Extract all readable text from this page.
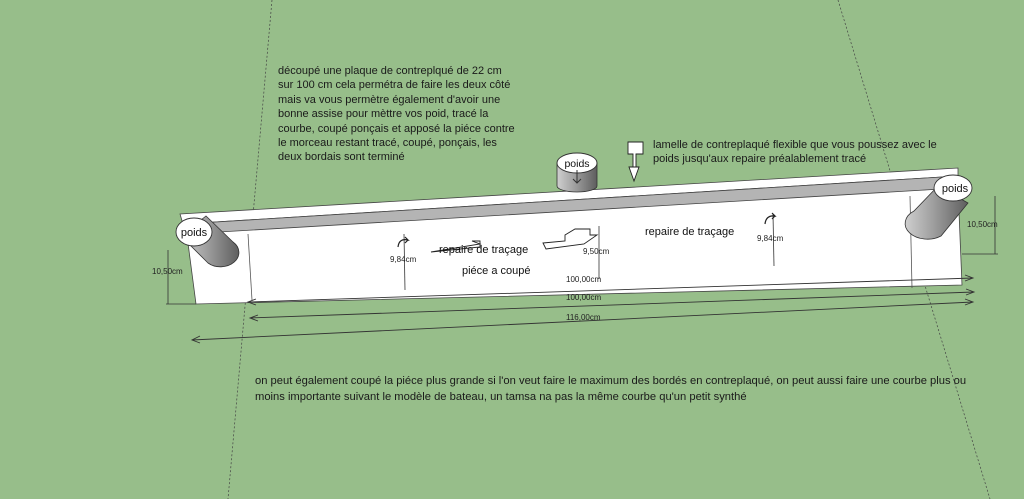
poids
poids
poids
repaire de traçage
repaire de traçage
piéce a coupé
9,84cm
9,50cm
9,84cm
10,50cm
10,50cm
100,00cm
100,00cm
116,00cm

découpé une plaque de contreplqué de 22 cm sur 100 cm cela permétra de faire les deux côté mais va vous permètre également d'avoir une bonne assise pour mèttre vos poid, tracé la courbe, coupé ponçais et apposé la piéce contre le morceau restant tracé, coupé, ponçais, les deux bordais sont terminé

lamelle de contreplaqué flexible que vous poussez avec le poids jusqu'aux repaire préalablement tracé

on peut également coupé la piéce plus grande si l'on veut faire le maximum des bordés en contreplaqué, on peut aussi faire une courbe plus ou moins importante suivant le modèle de bateau, un tamsa na pas la même courbe qu'un petit synthé
